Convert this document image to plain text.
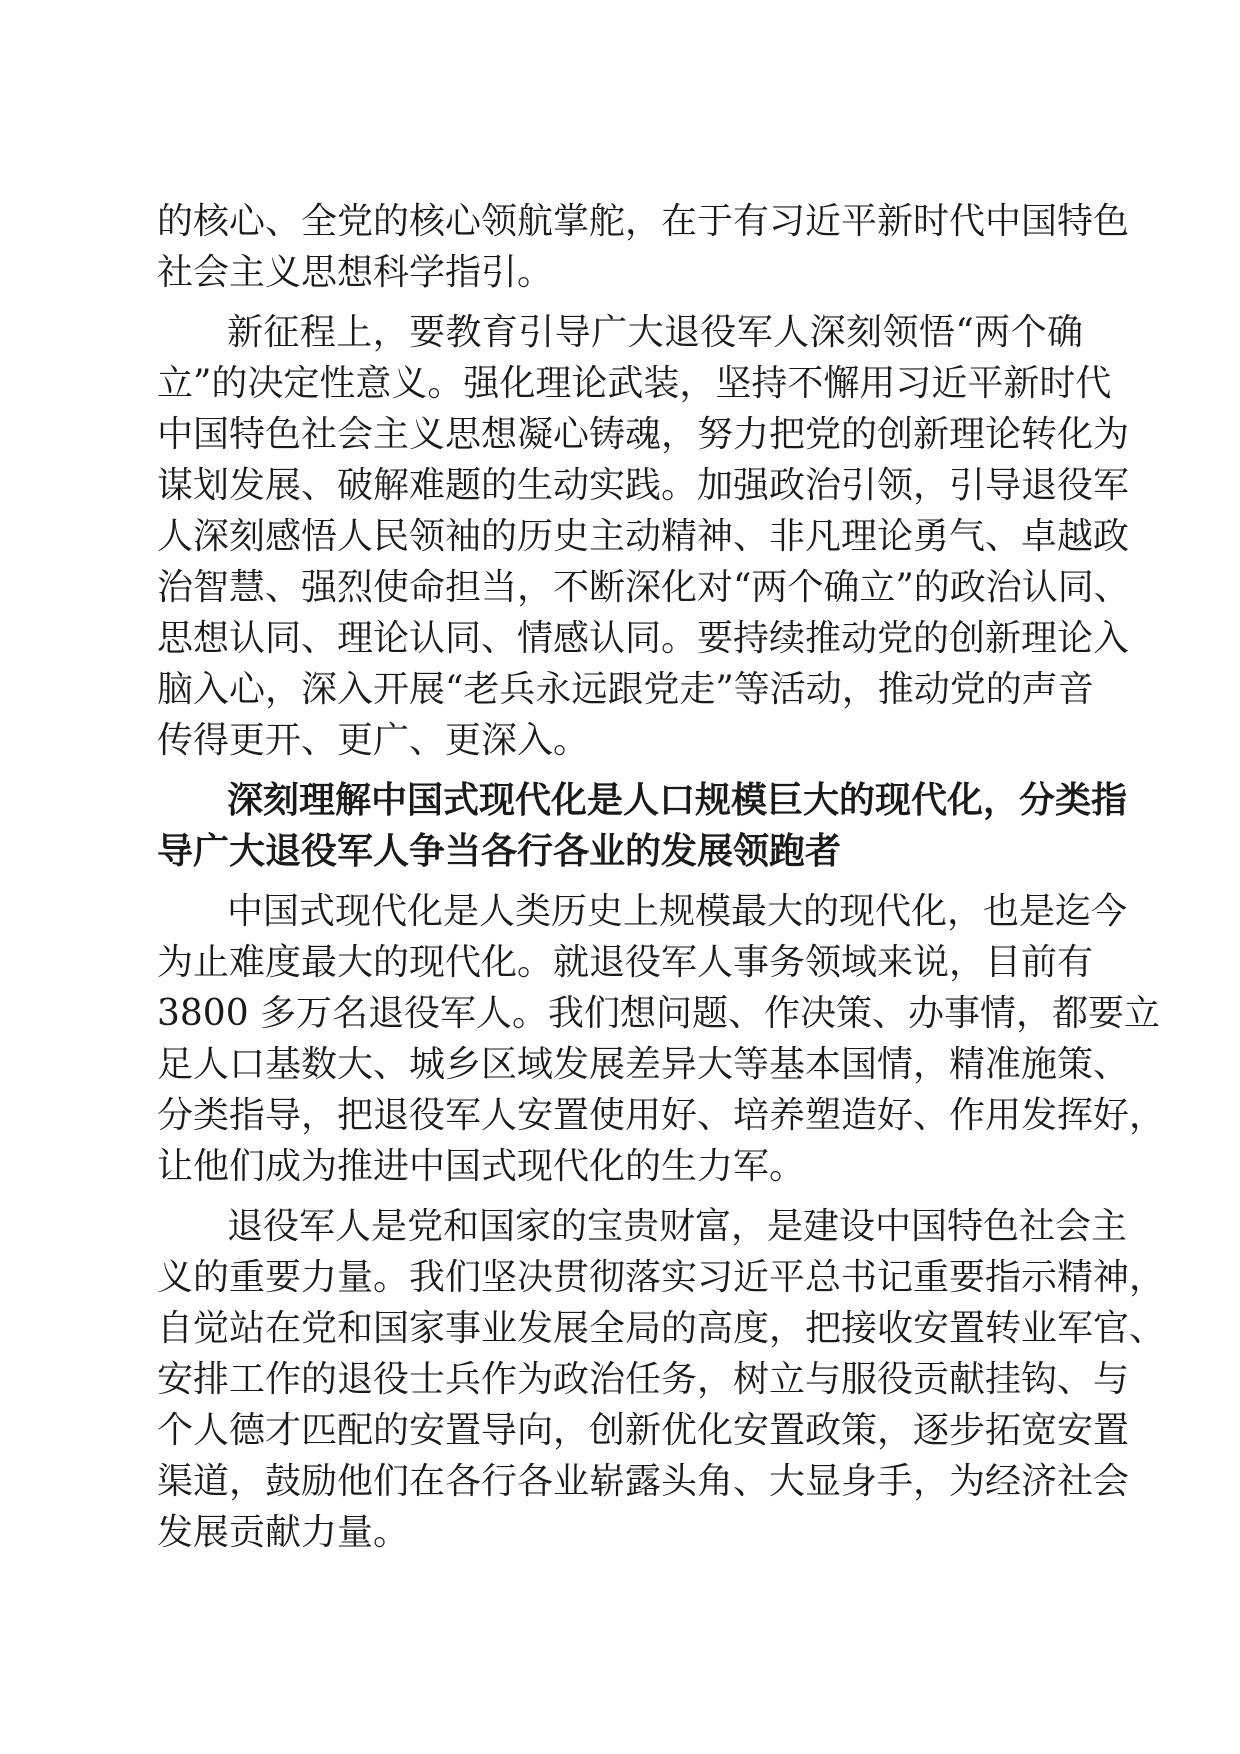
的核心、全党的核心领航掌舵，在于有习近平新时代中国特色
社会主义思想科学指引。
新征程上，要教育引导广大退役军人深刻领悟“两个确
立”的决定性意义。强化理论武装，坚持不懈用习近平新时代
中国特色社会主义思想凝心铸魂，努力把党的创新理论转化为
谋划发展、破解难题的生动实践。加强政治引领，引导退役军
人深刻感悟人民领袖的历史主动精神、非凡理论勇气、卓越政
治智慧、强烈使命担当，不断深化对“两个确立”的政治认同、
思想认同、理论认同、情感认同。要持续推动党的创新理论入
脑入心，深入开展“老兵永远跟党走”等活动，推动党的声音
传得更开、更广、更深入。
深刻理解中国式现代化是人口规模巨大的现代化，分类指
导广大退役军人争当各行各业的发展领跑者
中国式现代化是人类历史上规模最大的现代化，也是迄今
为止难度最大的现代化。就退役军人事务领域来说，目前有
3800 多万名退役军人。我们想问题、作决策、办事情，都要立
足人口基数大、城乡区域发展差异大等基本国情，精准施策、
分类指导，把退役军人安置使用好、培养塑造好、作用发挥好，
让他们成为推进中国式现代化的生力军。
退役军人是党和国家的宝贵财富，是建设中国特色社会主
义的重要力量。我们坚决贯彻落实习近平总书记重要指示精神，
自觉站在党和国家事业发展全局的高度，把接收安置转业军官、
安排工作的退役士兵作为政治任务，树立与服役贡献挂钩、与
个人德才匹配的安置导向，创新优化安置政策，逐步拓宽安置
渠道，鼓励他们在各行各业崭露头角、大显身手，为经济社会
发展贡献力量。
